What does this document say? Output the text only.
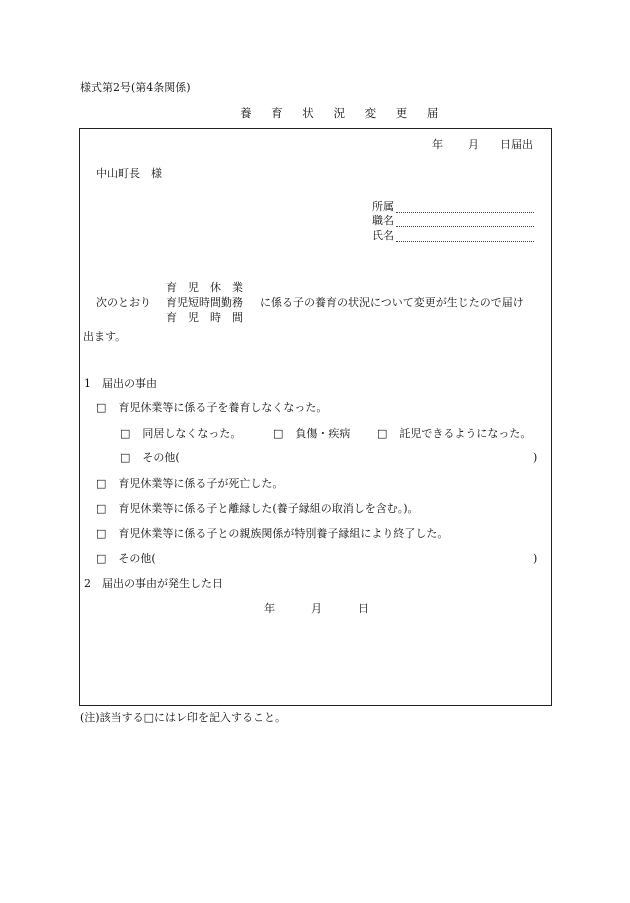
様式第2号(第4条関係)
養 育 状 況 変 更 届
年 月 日届出
中山町長　様
所属
職名
氏名
育　児　休　業
次のとおり 育児短時間勤務 に係る子の養育の状況について変更が生じたので届け
育　児　時　間
出ます。
1　届出の事由
□ 育児休業等に係る子を養育しなくなった。
□ 同居しなくなった。	□ 負傷・疾病 □ 託児できるようになった。
□ その他(	)
□ 育児休業等に係る子が死亡した。
□ 育児休業等に係る子と離縁した(養子縁組の取消しを含む。)。
□ 育児休業等に係る子との親族関係が特別養子縁組により終了した。
□ その他(	)
2　届出の事由が発生した日
年	月	日
(注)該当する□にはレ印を記入すること。
